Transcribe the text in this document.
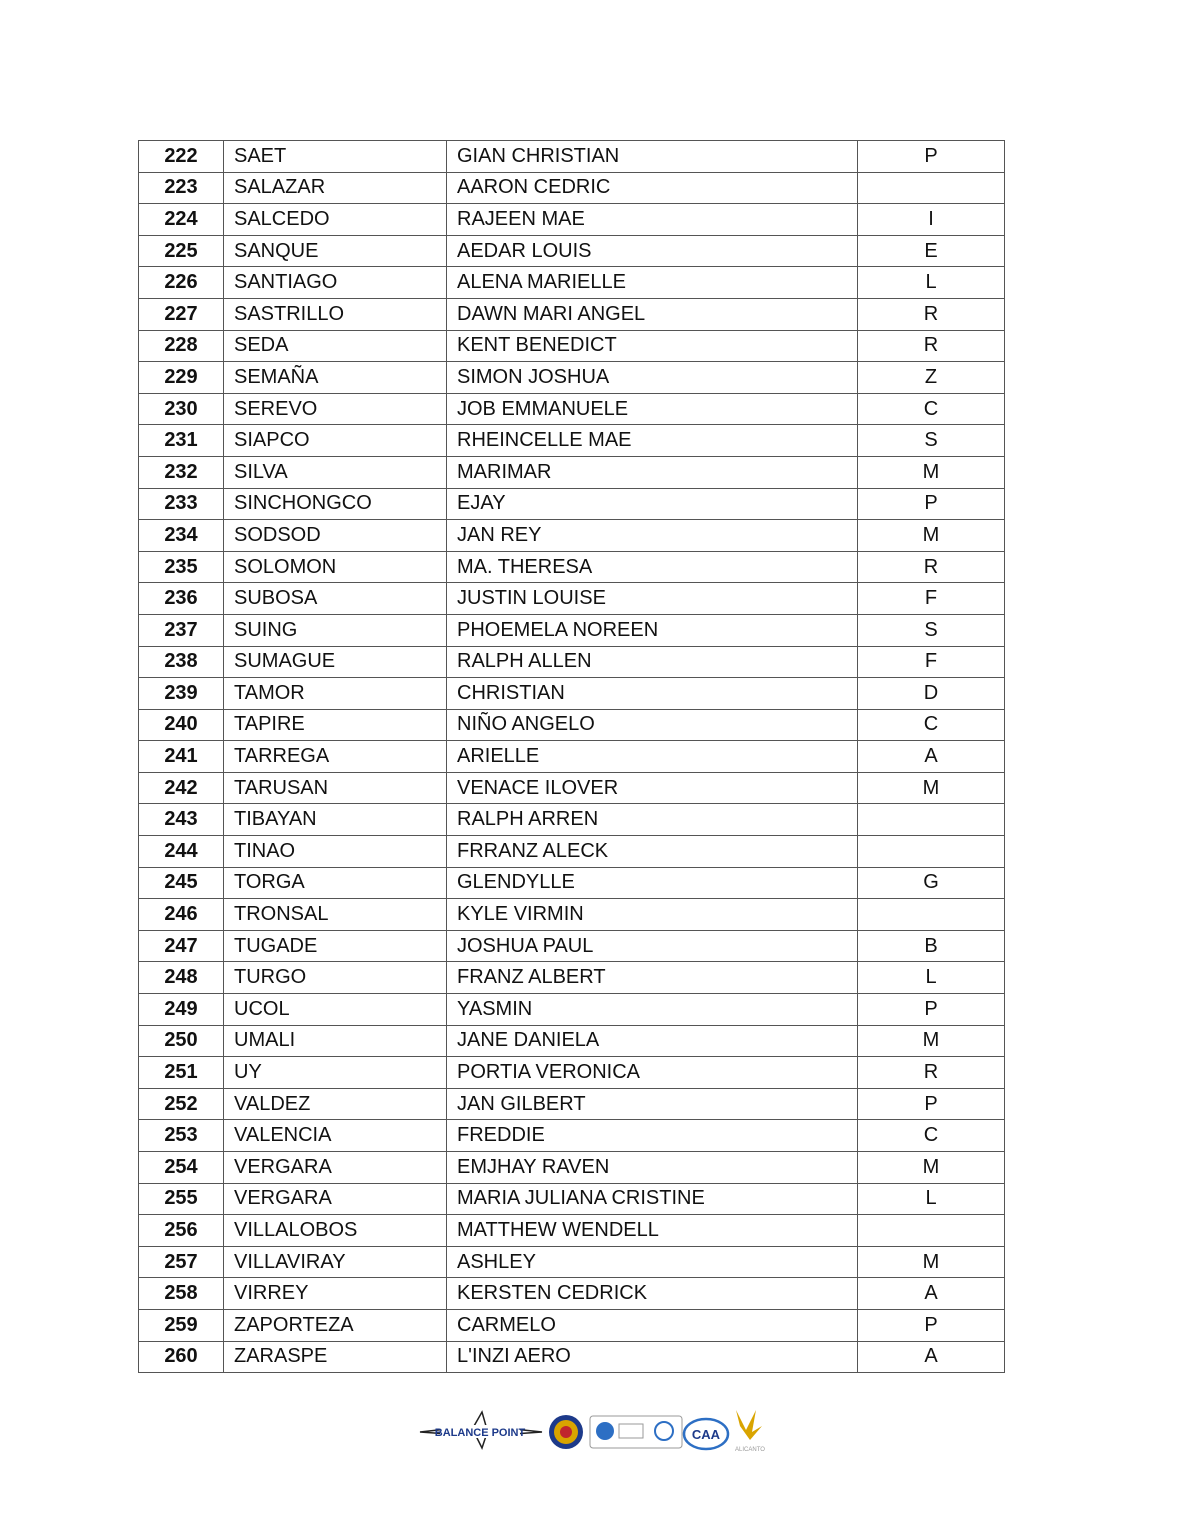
222	SAET	GIAN CHRISTIAN	P
223	SALAZAR	AARON CEDRIC	
224	SALCEDO	RAJEEN MAE	I
225	SANQUE	AEDAR LOUIS	E
226	SANTIAGO	ALENA MARIELLE	L
227	SASTRILLO	DAWN MARI ANGEL	R
228	SEDA	KENT BENEDICT	R
229	SEMAÑA	SIMON JOSHUA	Z
230	SEREVO	JOB EMMANUELE	C
231	SIAPCO	RHEINCELLE MAE	S
232	SILVA	MARIMAR	M
233	SINCHONGCO	EJAY	P
234	SODSOD	JAN REY	M
235	SOLOMON	MA. THERESA	R
236	SUBOSA	JUSTIN LOUISE	F
237	SUING	PHOEMELA NOREEN	S
238	SUMAGUE	RALPH ALLEN	F
239	TAMOR	CHRISTIAN	D
240	TAPIRE	NIÑO ANGELO	C
241	TARREGA	ARIELLE	A
242	TARUSAN	VENACE ILOVER	M
243	TIBAYAN	RALPH ARREN	
244	TINAO	FRRANZ ALECK	
245	TORGA	GLENDYLLE	G
246	TRONSAL	KYLE VIRMIN	
247	TUGADE	JOSHUA PAUL	B
248	TURGO	FRANZ ALBERT	L
249	UCOL	YASMIN	P
250	UMALI	JANE DANIELA	M
251	UY	PORTIA VERONICA	R
252	VALDEZ	JAN GILBERT	P
253	VALENCIA	FREDDIE	C
254	VERGARA	EMJHAY RAVEN	M
255	VERGARA	MARIA JULIANA CRISTINE	L
256	VILLALOBOS	MATTHEW WENDELL	
257	VILLAVIRAY	ASHLEY	M
258	VIRREY	KERSTEN CEDRICK	A
259	ZAPORTEZA	CARMELO	P
260	ZARASPE	L'INZI AERO	A
BALANCE POINT	CAA
ALICANTO
